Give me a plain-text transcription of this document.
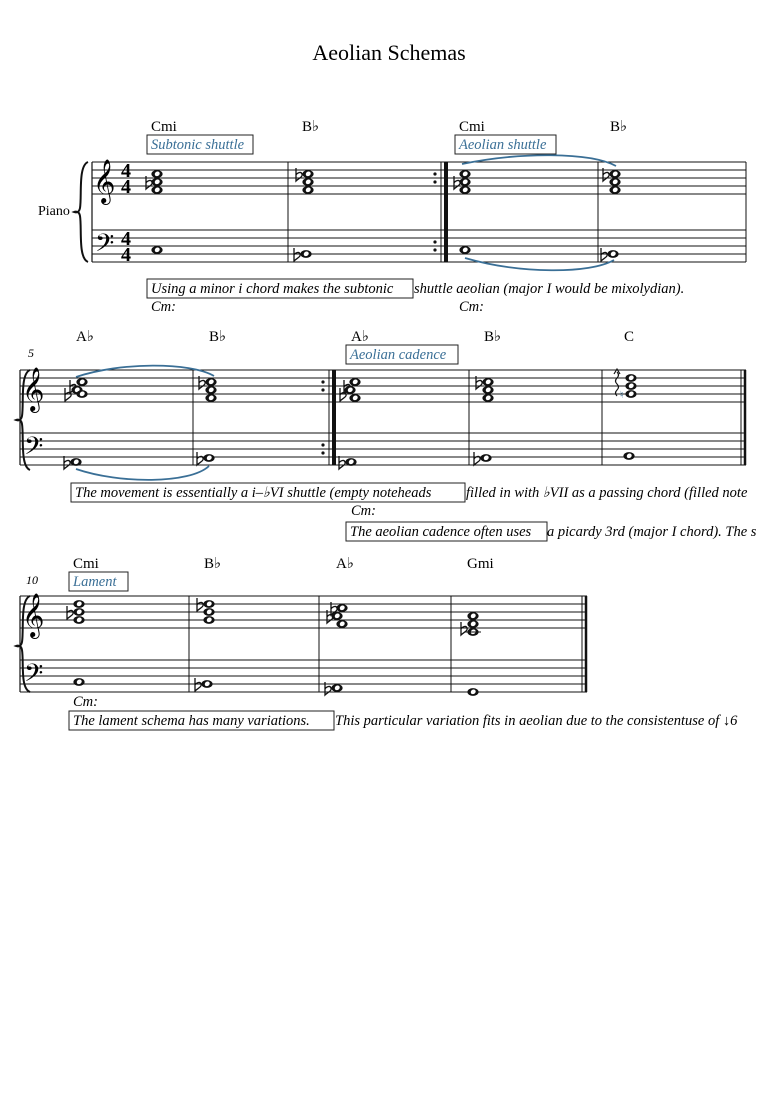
Aeolian Schemas
Cmi	B♭	Cmi	B♭
Subtonic shuttle	Aeolian shuttle
Piano
𝄞
𝄢
4
4
4
4
Using a minor i chord makes the subtonic shuttle aeolian (major I would be mixolydian).
Cm:	Cm:
5
A♭	B♭	A♭	B♭	C
Aeolian cadence
𝄞
𝄢
♮
The movement is essentially a i–♭VI shuttle (empty noteheads filled in with ♭VII as a passing chord (filled note
Cm:
The aeolian cadence often uses a picardy 3rd (major I chord). The s
10
Cmi	B♭	A♭	Gmi
Lament
𝄞
𝄢
Cm:
The lament schema has many variations. This particular variation fits in aeolian due to the consistentuse of ↓6
